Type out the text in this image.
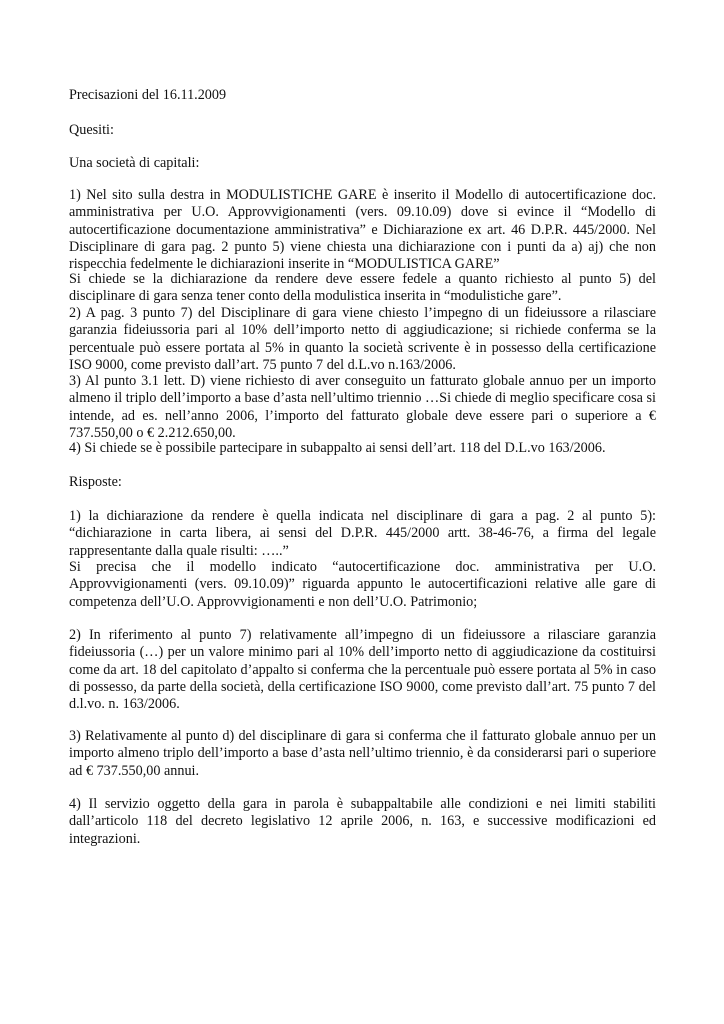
Precisazioni del 16.11.2009

Quesiti:

Una società di capitali:

1) Nel sito sulla destra in MODULISTICHE GARE è inserito il Modello di autocertificazione doc. amministrativa per U.O. Approvvigionamenti (vers. 09.10.09) dove si evince il “Modello di autocertificazione documentazione amministrativa” e Dichiarazione ex art. 46 D.P.R. 445/2000. Nel Disciplinare di gara pag. 2 punto 5) viene chiesta una dichiarazione con i punti da a) aj) che non rispecchia fedelmente le dichiarazioni inserite in “MODULISTICA GARE”

Si chiede se la dichiarazione da rendere deve essere fedele a quanto richiesto al punto 5) del disciplinare di gara senza tener conto della modulistica inserita in “modulistiche gare”.

2) A pag. 3 punto 7) del Disciplinare di gara viene chiesto l’impegno di un fideiussore a rilasciare garanzia fideiussoria pari al 10% dell’importo netto di aggiudicazione; si richiede conferma se la percentuale può essere portata al 5% in quanto la società scrivente è in possesso della certificazione ISO 9000, come previsto dall’art. 75 punto 7 del d.L.vo n.163/2006.

3) Al punto 3.1 lett. D) viene richiesto di aver conseguito un fatturato globale annuo per un importo almeno il triplo dell’importo a base d’asta nell’ultimo triennio …Si chiede di meglio specificare cosa si intende, ad es. nell’anno 2006, l’importo del fatturato globale deve essere pari o superiore a € 737.550,00 o € 2.212.650,00.

4) Si chiede se è possibile partecipare in subappalto ai sensi dell’art. 118 del D.L.vo 163/2006.

Risposte:

1) la dichiarazione da rendere è quella indicata nel disciplinare di gara a pag. 2 al punto 5): “dichiarazione in carta libera, ai sensi del D.P.R. 445/2000 artt. 38-46-76, a firma del legale rappresentante dalla quale risulti: …..”

Si precisa che il modello indicato “autocertificazione doc. amministrativa per U.O. Approvvigionamenti (vers. 09.10.09)” riguarda appunto le autocertificazioni relative alle gare di competenza dell’U.O. Approvvigionamenti e non dell’U.O. Patrimonio;

2) In riferimento al punto 7) relativamente all’impegno di un fideiussore a rilasciare garanzia fideiussoria (…) per un valore minimo pari al 10% dell’importo netto di aggiudicazione da costituirsi come da art. 18 del capitolato d’appalto si conferma che la percentuale può essere portata al 5% in caso di possesso, da parte della società, della certificazione ISO 9000, come previsto dall’art. 75 punto 7 del d.l.vo. n. 163/2006.

3) Relativamente al punto d) del disciplinare di gara si conferma che il fatturato globale annuo per un importo almeno triplo dell’importo a base d’asta nell’ultimo triennio, è da considerarsi pari o superiore ad € 737.550,00 annui.

4) Il servizio oggetto della gara in parola è subappaltabile alle condizioni e nei limiti stabiliti dall’articolo 118 del decreto legislativo 12 aprile 2006, n. 163, e successive modificazioni ed integrazioni.
